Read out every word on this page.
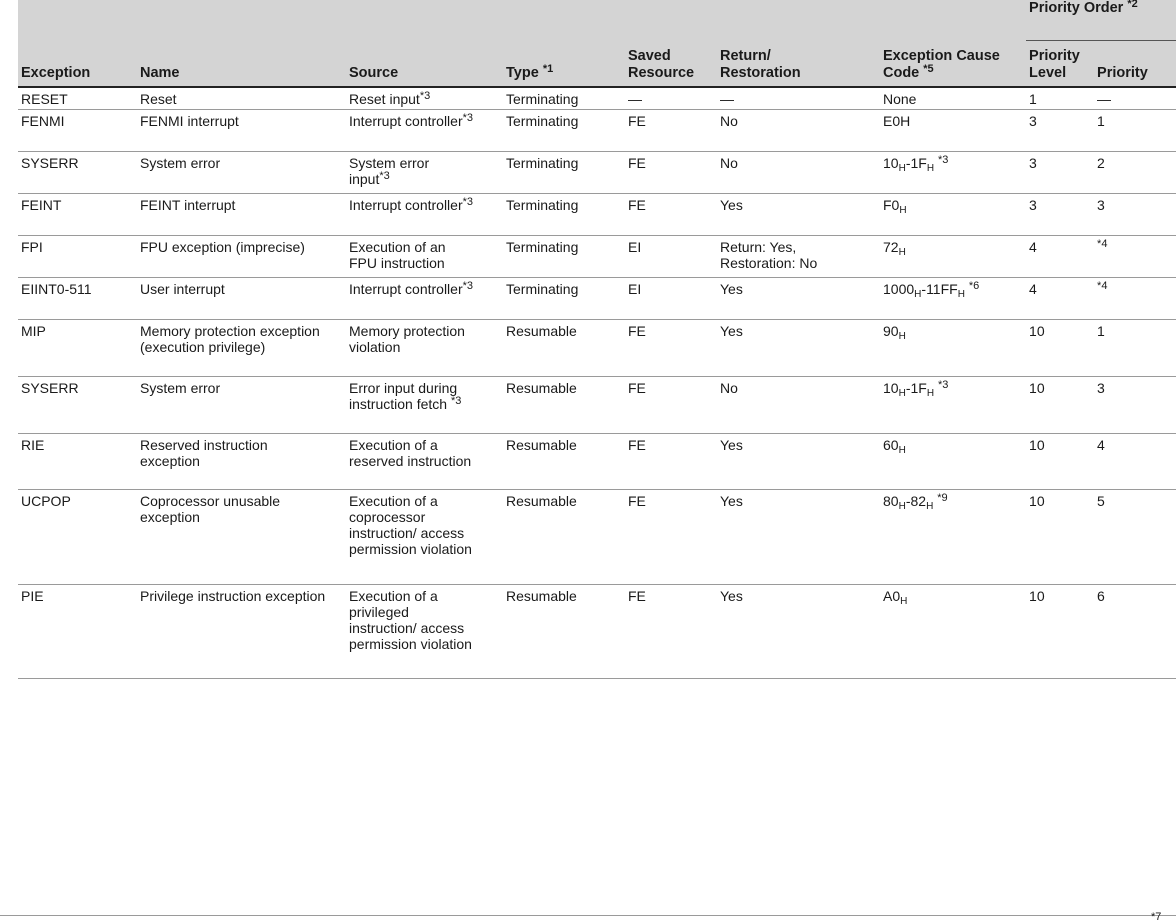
							Priority Order $^{*2}$
Exception	Name	Source	Type $^{*1}$	Saved Resource	Return/ Restoration	Exception Cause Code $^{*5}$	Priority Level	Priority
RESET	Reset	Reset input$^{*3}$	Terminating	—	—	None	1	—
FENMI	FENMI interrupt	Interrupt controller$^{*3}$	Terminating	FE	No	E0H	3	1
SYSERR	System error	System error input$^{*3}$	Terminating	FE	No	$10_H-1F_H$ $^{*3}$	3	2
FEINT	FEINT interrupt	Interrupt controller$^{*3}$	Terminating	FE	Yes	$F0_H$	3	3
FPI	FPU exception (imprecise)	Execution of an FPU instruction	Terminating	EI	Return: Yes, Restoration: No	$72_H$	4	$^{*4}$
EIINT0-511	User interrupt	Interrupt controller$^{*3}$	Terminating	EI	Yes	$1000_H-11FF_H$ $^{*6}$	4	$^{*4}$
MIP	Memory protection exception (execution privilege)	Memory protection violation	Resumable	FE	Yes	$90_H$	10	1
SYSERR	System error	Error input during instruction fetch $^{*3}$	Resumable	FE	No	$10_H-1F_H$ $^{*3}$	10	3
RIE	Reserved instruction exception	Execution of a reserved instruction	Resumable	FE	Yes	$60_H$	10	4
UCPOP	Coprocessor unusable exception	Execution of a coprocessor instruction/ access permission violation	Resumable	FE	Yes	$80_H-82_H$ $^{*9}$	10	5
PIE	Privilege instruction exception	Execution of a privileged instruction/ access permission violation	Resumable	FE	Yes	$A0_H$	10	6
*7
